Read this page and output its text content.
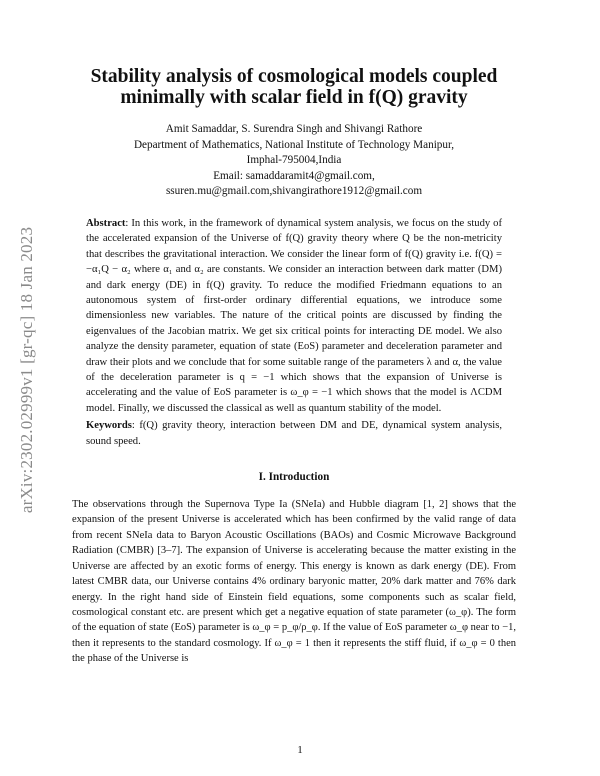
arXiv:2302.02999v1 [gr-qc] 18 Jan 2023
Stability analysis of cosmological models coupled minimally with scalar field in f(Q) gravity
Amit Samaddar, S. Surendra Singh and Shivangi Rathore
Department of Mathematics, National Institute of Technology Manipur,
Imphal-795004,India
Email: samaddaramit4@gmail.com,
ssuren.mu@gmail.com,shivangirathore1912@gmail.com
Abstract: In this work, in the framework of dynamical system analysis, we focus on the study of the accelerated expansion of the Universe of f(Q) gravity theory where Q be the non-metricity that describes the gravitational interaction. We consider the linear form of f(Q) gravity i.e. f(Q) = −α₁Q − α₂ where α₁ and α₂ are constants. We consider an interaction between dark matter (DM) and dark energy (DE) in f(Q) gravity. To reduce the modified Friedmann equations to an autonomous system of first-order ordinary differential equations, we introduce some dimensionless new variables. The nature of the critical points are discussed by finding the eigenvalues of the Jacobian matrix. We get six critical points for interacting DE model. We also analyze the density parameter, equation of state (EoS) parameter and deceleration parameter and draw their plots and we conclude that for some suitable range of the parameters λ and α, the value of the deceleration parameter is q = −1 which shows that the expansion of Universe is accelerating and the value of EoS parameter is ω_φ = −1 which shows that the model is ΛCDM model. Finally, we discussed the classical as well as quantum stability of the model.
Keywords: f(Q) gravity theory, interaction between DM and DE, dynamical system analysis, sound speed.
I. Introduction
The observations through the Supernova Type Ia (SNeIa) and Hubble diagram [1, 2] shows that the expansion of the present Universe is accelerated which has been confirmed by the valid range of data from recent SNeIa data to Baryon Acoustic Oscillations (BAOs) and Cosmic Microwave Background Radiation (CMBR) [3–7]. The expansion of Universe is accelerating because the matter existing in the Universe are affected by an exotic forms of energy. This energy is known as dark energy (DE). From latest CMBR data, our Universe contains 4% ordinary baryonic matter, 20% dark matter and 76% dark energy. In the right hand side of Einstein field equations, some components such as scalar field, cosmological constant etc. are present which get a negative equation of state parameter (ω_φ). The form of the equation of state (EoS) parameter is ω_φ = p_φ/ρ_φ. If the value of EoS parameter ω_φ near to −1, then it represents to the standard cosmology. If ω_φ = 1 then it represents the stiff fluid, if ω_φ = 0 then the phase of the Universe is
1
